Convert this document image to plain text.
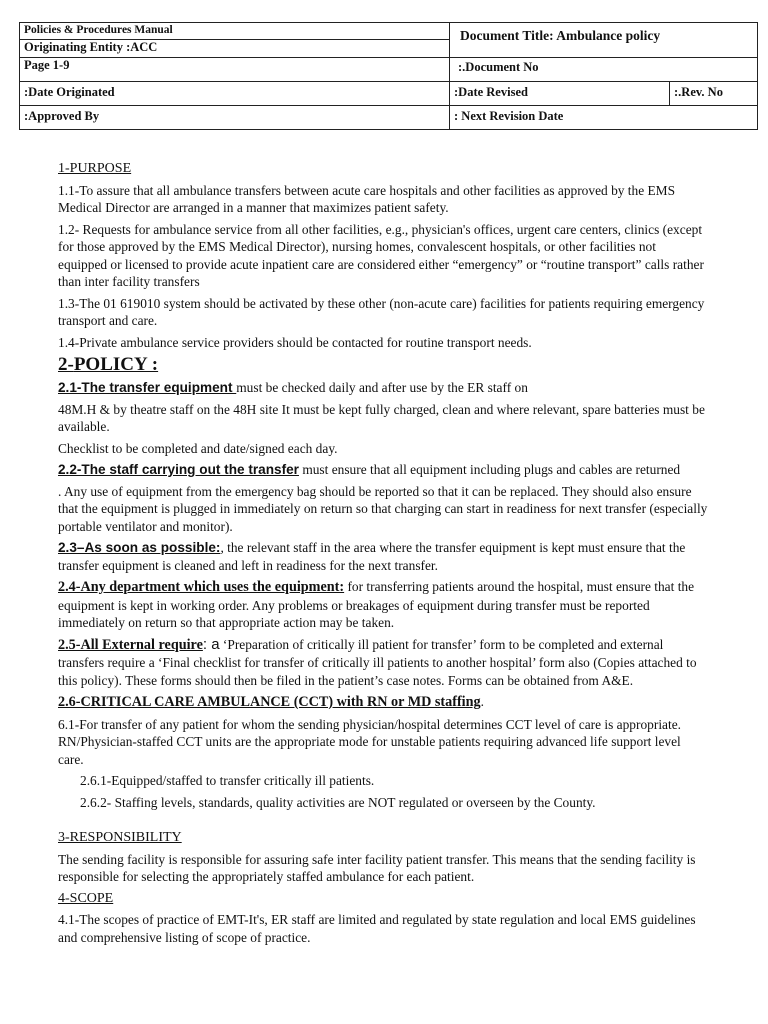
Policies & Procedures Manual	Document Title: Ambulance policy	

Originating Entity :ACC		
Page 1-9	:.Document No	
:Date Originated	:Date Revised	:.Rev. No
:Approved By	: Next Revision Date	

1-PURPOSE

1.1-To assure that all ambulance transfers between acute care hospitals and other facilities as approved by the EMS Medical Director are arranged in a manner that maximizes patient safety.

1.2- Requests for ambulance service from all other facilities, e.g., physician's offices, urgent care centers, clinics (except for those approved by the EMS Medical Director), nursing homes, convalescent hospitals, or other facilities not equipped or licensed to provide acute inpatient care are considered either “emergency” or “routine transport” calls rather than inter facility transfers

1.3-The 01 619010 system should be activated by these other (non-acute care) facilities for patients requiring emergency transport and care.

1.4-Private ambulance service providers should be contacted for routine transport needs.

2-POLICY :

2.1-The transfer equipment must be checked daily and after use by the ER staff on

48M.H & by theatre staff on the 48H site It must be kept fully charged, clean and where relevant, spare batteries must be available.

Checklist to be completed and date/signed each day.

2.2-The staff carrying out the transfer must ensure that all equipment including plugs and cables are returned

. Any use of equipment from the emergency bag should be reported so that it can be replaced. They should also ensure that the equipment is plugged in immediately on return so that charging can start in readiness for next transfer (especially portable ventilator and monitor).

2.3–As soon as possible:, the relevant staff in the area where the transfer equipment is kept must ensure that the transfer equipment is cleaned and left in readiness for the next transfer.

2.4-Any department which uses the equipment: for transferring patients around the hospital, must ensure that the equipment is kept in working order. Any problems or breakages of equipment during transfer must be reported immediately on return so that appropriate action may be taken.

2.5-All External require: a ‘Preparation of critically ill patient for transfer’ form to be completed and external transfers require a ‘Final checklist for transfer of critically ill patients to another hospital’ form also (Copies attached to this policy). These forms should then be filed in the patient’s case notes. Forms can be obtained from A&E.

2.6-CRITICAL CARE AMBULANCE (CCT) with RN or MD staffing.

6.1-For transfer of any patient for whom the sending physician/hospital determines CCT level of care is appropriate. RN/Physician-staffed CCT units are the appropriate mode for unstable patients requiring advanced life support level care.

2.6.1-Equipped/staffed to transfer critically ill patients.

2.6.2- Staffing levels, standards, quality activities are NOT regulated or overseen by the County.

3-RESPONSIBILITY

The sending facility is responsible for assuring safe inter facility patient transfer. This means that the sending facility is responsible for selecting the appropriately staffed ambulance for each patient.

4-SCOPE

4.1-The scopes of practice of EMT-It's, ER staff are limited and regulated by state regulation and local EMS guidelines and comprehensive listing of scope of practice.
